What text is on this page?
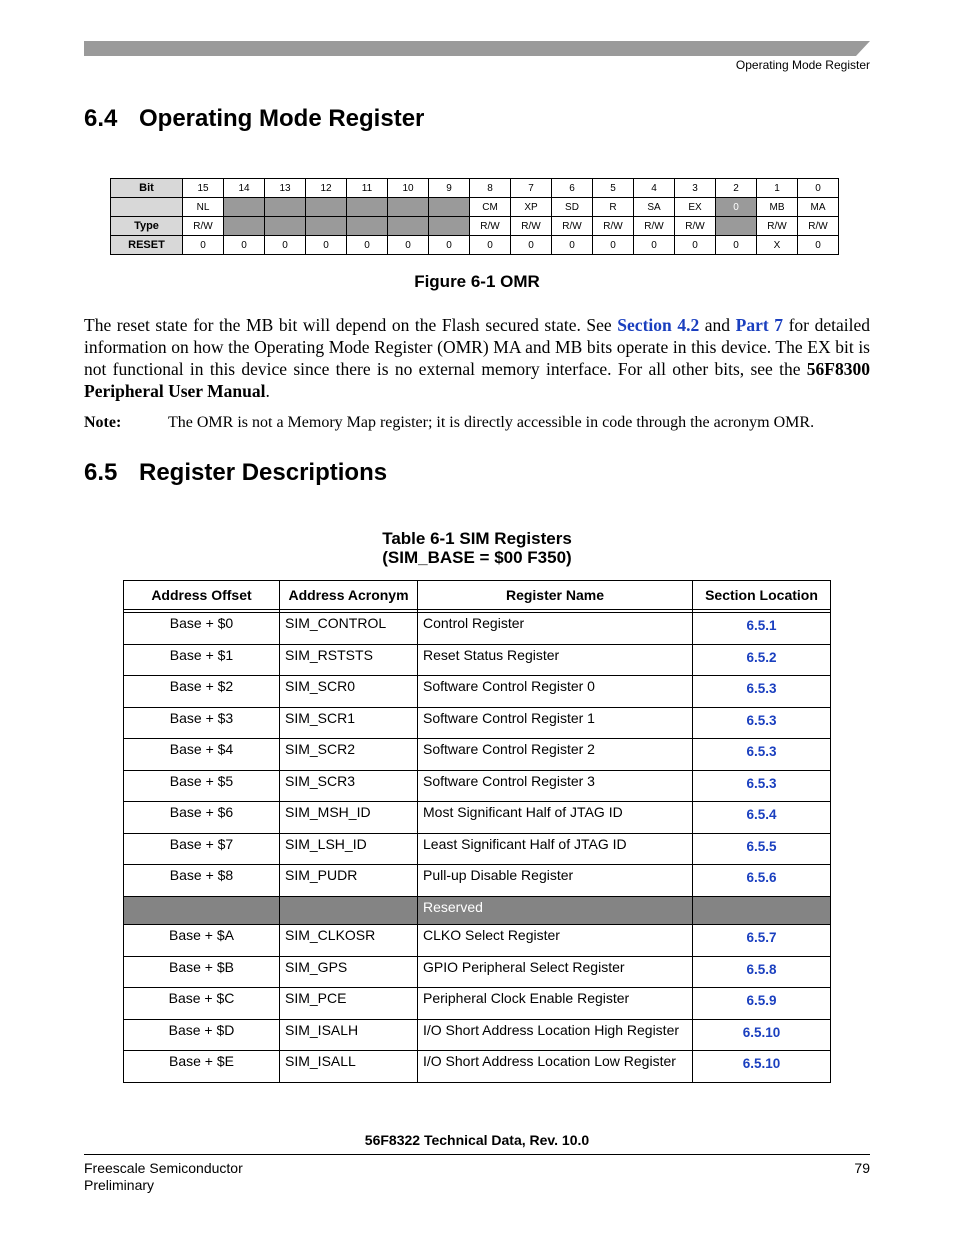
Operating Mode Register
6.4 Operating Mode Register
Bit	15	14	13	12	11	10	9	8	7	6	5	4	3	2	1	0
	NL							CM	XP	SD	R	SA	EX	0	MB	MA
Type	R/W							R/W	R/W	R/W	R/W	R/W	R/W		R/W	R/W
RESET	0	0	0	0	0	0	0	0	0	0	0	0	0	0	X	0
Figure 6-1 OMR
The reset state for the MB bit will depend on the Flash secured state. See Section 4.2 and Part 7 for detailed information on how the Operating Mode Register (OMR) MA and MB bits operate in this device. The EX bit is not functional in this device since there is no external memory interface. For all other bits, see the 56F8300 Peripheral User Manual.
Note:	The OMR is not a Memory Map register; it is directly accessible in code through the acronym OMR.
6.5 Register Descriptions
Table 6-1 SIM Registers
(SIM_BASE = $00 F350)
Address Offset	Address Acronym	Register Name	Section Location

Base + $0	SIM_CONTROL	Control Register	6.5.1
Base + $1	SIM_RSTSTS	Reset Status Register	6.5.2
Base + $2	SIM_SCR0	Software Control Register 0	6.5.3
Base + $3	SIM_SCR1	Software Control Register 1	6.5.3
Base + $4	SIM_SCR2	Software Control Register 2	6.5.3
Base + $5	SIM_SCR3	Software Control Register 3	6.5.3
Base + $6	SIM_MSH_ID	Most Significant Half of JTAG ID	6.5.4
Base + $7	SIM_LSH_ID	Least Significant Half of JTAG ID	6.5.5
Base + $8	SIM_PUDR	Pull-up Disable Register	6.5.6
		Reserved	
Base + $A	SIM_CLKOSR	CLKO Select Register	6.5.7
Base + $B	SIM_GPS	GPIO Peripheral Select Register	6.5.8
Base + $C	SIM_PCE	Peripheral Clock Enable Register	6.5.9
Base + $D	SIM_ISALH	I/O Short Address Location High Register	6.5.10
Base + $E	SIM_ISALL	I/O Short Address Location Low Register	6.5.10
56F8322 Technical Data, Rev. 10.0
Freescale Semiconductor
Preliminary
79
